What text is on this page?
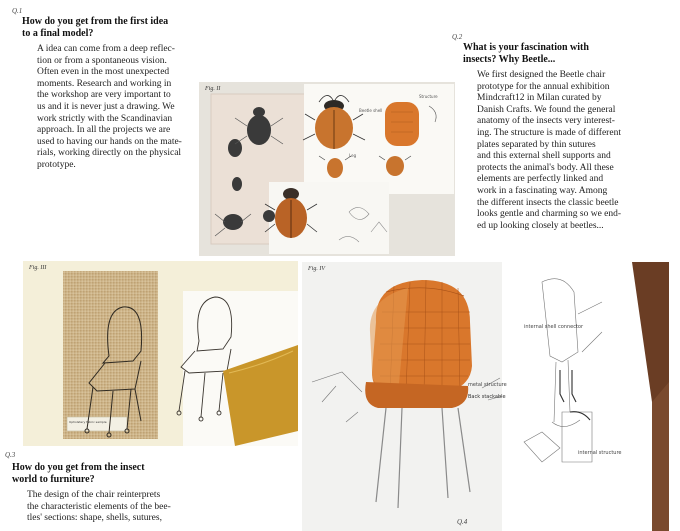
Q.1
How do you get from the first idea
to a final model?
A idea can come from a deep reflec-
tion or from a spontaneous vision.
Often even in the most unexpected
moments. Research and working in
the workshop are very important to
us and it is never just a drawing. We
work strictly with the Scandinavian
approach. In all the projects we are
used to having our hands on the mate-
rials, working directly on the physical
prototype.
Q.2
What is your fascination with
insects? Why Beetle...
We first designed the Beetle chair
prototype for the annual exhibition
Mindcraft12 in Milan curated by
Danish Crafts. We found the general
anatomy of the insects very interest-
ing. The structure is made of different
plates separated by thin sutures
and this external shell supports and
protects the animal's body. All these
elements are perfectly linked and
work in a fascinating way. Among
the different insects the classic beetle
looks gentle and charming so we end-
ed up looking closely at beetles...
Fig. II
Beetle shell
Leg
Structure
Fig. III
Upholstery fabric sample
Fig. IV
metal structure
internal shell connector
Back stackable
internal structure
Q.3
How do you get from the insect
world to furniture?
The design of the chair reinterprets
the characteristic elements of the bee-
tles' sections: shape, shells, sutures,	Q.4
